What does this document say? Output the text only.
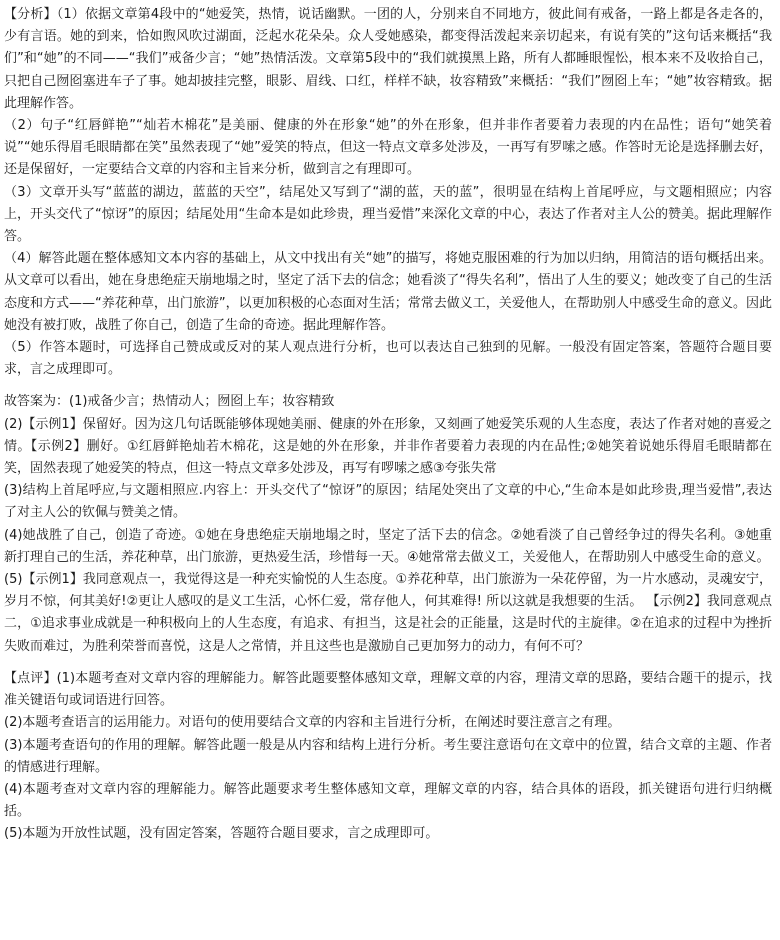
【分析】（1）依据文章第4段中的“她爱笑，热情，说话幽默。一团的人，分别来自不同地方，彼此间有戒备，一路上都是各走各的，少有言语。她的到来，恰如煦风吹过湖面，泛起水花朵朵。众人受她感染，都变得活泼起来亲切起来，有说有笑的”这句话来概括“我们”和“她”的不同——“我们”戒备少言；“她”热情活泼。文章第5段中的“我们就摸黑上路，所有人都睡眼惺忪，根本来不及收拾自己，只把自己囫囵塞进车子了事。她却披挂完整，眼影、眉线、口红，样样不缺，妆容精致”来概括：“我们”囫囵上车；“她”妆容精致。据此理解作答。

（2）句子“红唇鲜艳”“灿若木棉花”是美丽、健康的外在形象“她”的外在形象，但并非作者要着力表现的内在品性；语句“她笑着说”“她乐得眉毛眼睛都在笑”虽然表现了“她”爱笑的特点，但这一特点文章多处涉及，一再写有罗嗦之感。作答时无论是选择删去好，还是保留好，一定要结合文章的内容和主旨来分析，做到言之有理即可。

（3）文章开头写“蓝蓝的湖边，蓝蓝的天空”，结尾处又写到了“湖的蓝，天的蓝”，很明显在结构上首尾呼应，与文题相照应；内容上，开头交代了“惊讶”的原因；结尾处用“生命本是如此珍贵，理当爱惜”来深化文章的中心，表达了作者对主人公的赞美。据此理解作答。

（4）解答此题在整体感知文本内容的基础上，从文中找出有关“她”的描写，将她克服困难的行为加以归纳，用简洁的语句概括出来。从文章可以看出，她在身患绝症天崩地塌之时，坚定了活下去的信念；她看淡了“得失名利”，悟出了人生的要义；她改变了自己的生活态度和方式——“养花种草，出门旅游”，以更加积极的心态面对生活；常常去做义工，关爱他人，在帮助别人中感受生命的意义。因此她没有被打败，战胜了你自己，创造了生命的奇迹。据此理解作答。

（5）作答本题时，可选择自己赞成或反对的某人观点进行分析，也可以表达自己独到的见解。一般没有固定答案，答题符合题目要求，言之成理即可。

故答案为：(1)戒备少言；热情动人；囫囵上车；妆容精致

(2)【示例1】保留好。因为这几句话既能够体现她美丽、健康的外在形象，又刻画了她爱笑乐观的人生态度，表达了作者对她的喜爱之情。【示例2】删好。①红唇鲜艳灿若木棉花，这是她的外在形象，并非作者要着力表现的内在品性;②她笑着说她乐得眉毛眼睛都在笑，固然表现了她爱笑的特点，但这一特点文章多处涉及，再写有啰嗦之感③夸张失常

(3)结构上首尾呼应,与文题相照应.内容上：开头交代了“惊讶”的原因；结尾处突出了文章的中心,“生命本是如此珍贵,理当爱惜”,表达了对主人公的钦佩与赞美之情。

(4)她战胜了自己，创造了奇迹。①她在身患绝症天崩地塌之时，坚定了活下去的信念。②她看淡了自己曾经争过的得失名利。③她重新打理自己的生活，养花种草，出门旅游，更热爱生活，珍惜每一天。④她常常去做义工，关爱他人，在帮助别人中感受生命的意义。

(5)【示例1】我同意观点一，我觉得这是一种充实愉悦的人生态度。①养花种草，出门旅游为一朵花停留，为一片水感动，灵魂安宁，岁月不惊，何其美好!②更让人感叹的是义工生活，心怀仁爱，常存他人，何其难得! 所以这就是我想要的生活。 【示例2】我同意观点二，①追求事业成就是一种积极向上的人生态度，有追求、有担当，这是社会的正能量，这是时代的主旋律。②在追求的过程中为挫折失败而难过，为胜利荣誉而喜悦，这是人之常情，并且这些也是激励自己更加努力的动力，有何不可？

【点评】(1)本题考查对文章内容的理解能力。解答此题要整体感知文章，理解文章的内容，理清文章的思路，要结合题干的提示，找准关键语句或词语进行回答。

(2)本题考查语言的运用能力。对语句的使用要结合文章的内容和主旨进行分析，在阐述时要注意言之有理。

(3)本题考查语句的作用的理解。解答此题一般是从内容和结构上进行分析。考生要注意语句在文章中的位置，结合文章的主题、作者的情感进行理解。

(4)本题考查对文章内容的理解能力。解答此题要求考生整体感知文章，理解文章的内容，结合具体的语段，抓关键语句进行归纳概括。

(5)本题为开放性试题，没有固定答案，答题符合题目要求，言之成理即可。
